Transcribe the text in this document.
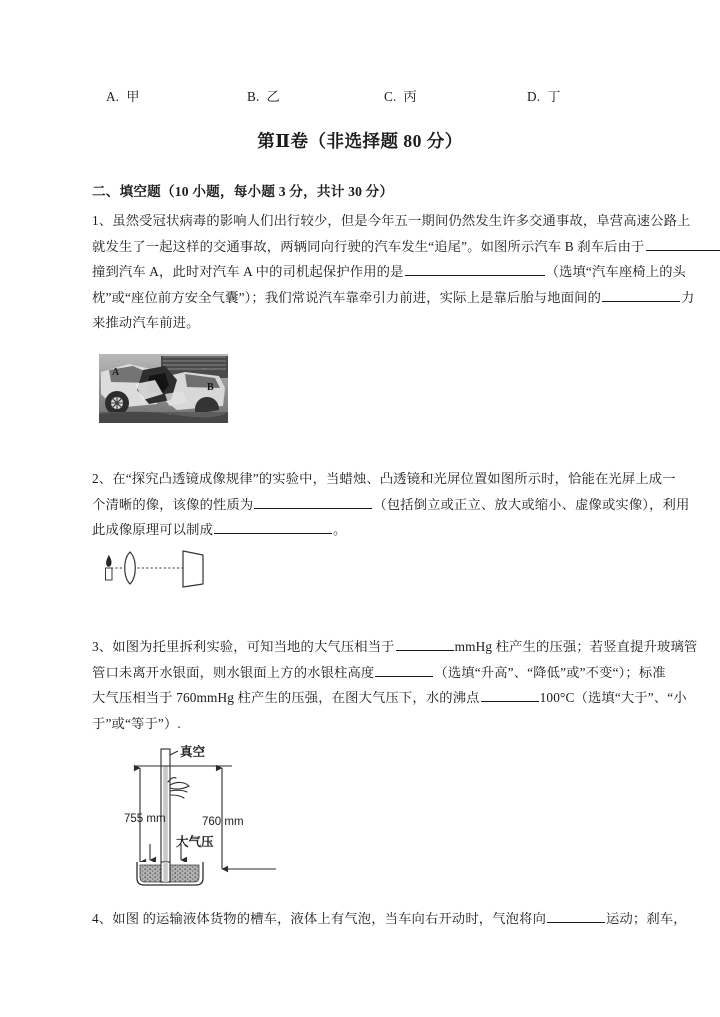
A. 甲	B. 乙	C. 丙	D. 丁
第Ⅱ卷（非选择题 80 分）
二、填空题（10 小题，每小题 3 分，共计 30 分）
1、虽然受冠状病毒的影响人们出行较少，但是今年五一期间仍然发生许多交通事故，阜营高速公路上
就发生了一起这样的交通事故，两辆同向行驶的汽车发生“追尾”。如图所示汽车 B 刹车后由于
撞到汽车 A，此时对汽车 A 中的司机起保护作用的是	（选填“汽车座椅上的头
枕”或“座位前方安全气囊”）；我们常说汽车靠牵引力前进，实际上是靠后胎与地面间的	力
来推动汽车前进。
2、在“探究凸透镜成像规律”的实验中，当蜡烛、凸透镜和光屏位置如图所示时，恰能在光屏上成一
个清晰的像，该像的性质为	（包括倒立或正立、放大或缩小、虚像或实像），利用
此成像原理可以制成	。
3、如图为托里拆利实验，可知当地的大气压相当于	mmHg 柱产生的压强；若竖直提升玻璃管
管口未离开水银面，则水银面上方的水银柱高度	（选填“升高”、“降低”或”不变“）；标准
大气压相当于 760mmHg 柱产生的压强，在图大气压下，水的沸点	100°C（选填“大于”、“小
于”或“等于”）.
4、如图 的运输液体货物的槽车，液体上有气泡，当车向右开动时，气泡将向	运动；刹车，
A
B
真空
755 mm	760 mm
大气压
